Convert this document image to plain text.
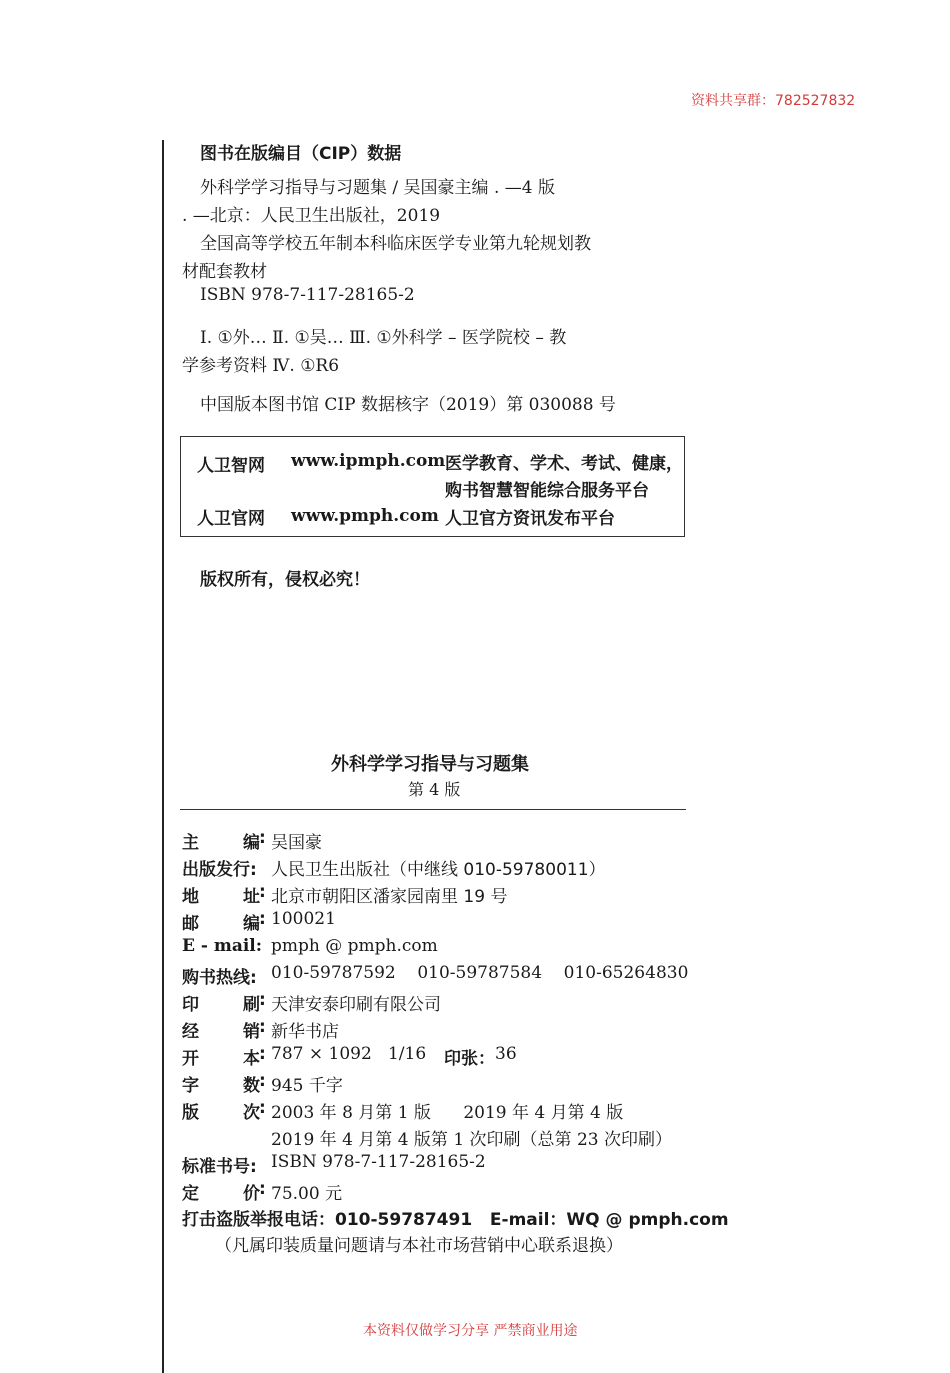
资料共享群：782527832
图书在版编目（CIP）数据
外科学学习指导与习题集 / 吴国豪主编 . —4 版
. —北京：人民卫生出版社，2019
全国高等学校五年制本科临床医学专业第九轮规划教
材配套教材
ISBN 978-7-117-28165-2
Ⅰ. ①外… Ⅱ. ①吴… Ⅲ. ①外科学 – 医学院校 – 教
学参考资料 Ⅳ. ①R6
中国版本图书馆 CIP 数据核字（2019）第 030088 号
人卫智网 www.ipmph.com 医学教育、学术、考试、健康，
购书智慧智能综合服务平台
人卫官网 www.pmph.com 人卫官方资讯发布平台
版权所有，侵权必究！
外科学学习指导与习题集
第 4 版
主	编 : 吴国豪
出版发行: 人民卫生出版社（中继线 010-59780011）
地	址 : 北京市朝阳区潘家园南里 19 号
邮	编 : 100021
E - mail: pmph @ pmph.com
购书热线: 010-59787592    010-59787584    010-65264830
印	刷 : 天津安泰印刷有限公司
经	销 : 新华书店
开	本 : 787 × 1092   1/16 印张： 36
字	数 : 945 千字
版	次 : 2003 年 8 月第 1 版      2019 年 4 月第 4 版
2019 年 4 月第 4 版第 1 次印刷（总第 23 次印刷）
标准书号: ISBN 978-7-117-28165-2
定	价 : 75.00 元
打击盗版举报电话：010-59787491   E-mail：WQ @ pmph.com
（凡属印装质量问题请与本社市场营销中心联系退换）
本资料仅做学习分享 严禁商业用途
